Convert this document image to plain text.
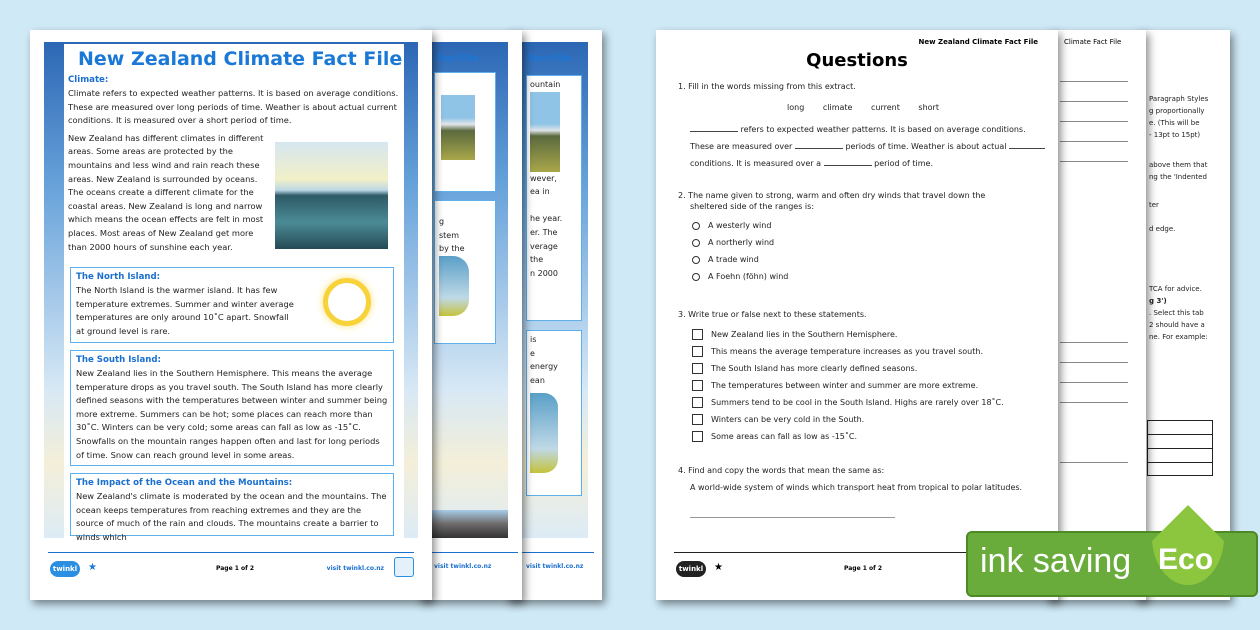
Fact File
ountain
wever,
ea in

he year.
er. The
verage
the
n 2000
is
e
energy
ean
visit twinkl.co.nz
Fact File
g
stem
by the
visit twinkl.co.nz
New Zealand Climate Fact File
Climate:
Climate refers to expected weather patterns. It is based on average conditions. These are measured over long periods of time. Weather is about actual current conditions. It is measured over a short period of time.
New Zealand has different climates in different areas. Some areas are protected by the mountains and less wind and rain reach these areas. New Zealand is surrounded by oceans. The oceans create a different climate for the coastal areas. New Zealand is long and narrow which means the ocean effects are felt in most places. Most areas of New Zealand get more than 2000 hours of sunshine each year.
The North Island:
The North Island is the warmer island. It has few temperature extremes. Summer and winter average temperatures are only around 10˚C apart. Snowfall at ground level is rare.
The South Island:
New Zealand lies in the Southern Hemisphere. This means the average temperature drops as you travel south. The South Island has more clearly defined seasons with the temperatures between winter and summer being more extreme. Summers can be hot; some places can reach more than 30˚C. Winters can be very cold; some areas can fall as low as -15˚C. Snowfalls on the mountain ranges happen often and last for long periods of time. Snow can reach ground level in some areas.
The Impact of the Ocean and the Mountains:
New Zealand's climate is moderated by the ocean and the mountains. The ocean keeps temperatures from reaching extremes and they are the source of much of the rain and clouds. The mountains create a barrier to winds which
twinkl ★	Page 1 of 2	visit twinkl.co.nz
Paragraph Styles
g proportionally
e. (This will be
- 13pt to 15pt)
above them that
ng the 'Indented
ter
d edge.
TCA for advice.
g 3')
. Select this tab
2 should have a
ne. For example:
Climate Fact File
New Zealand Climate Fact File
Questions
1. Fill in the words missing from this extract.
long climate current short
refers to expected weather patterns. It is based on average conditions.
These are measured over	periods of time. Weather is about actual
conditions. It is measured over a	period of time.
2. The name given to strong, warm and often dry winds that travel down the sheltered side of the ranges is:
A westerly wind
A northerly wind
A trade wind
A Foehn (föhn) wind
3. Write true or false next to these statements.
New Zealand lies in the Southern Hemisphere.
This means the average temperature increases as you travel south.
The South Island has more clearly defined seasons.
The temperatures between winter and summer are more extreme.
Summers tend to be cool in the South Island. Highs are rarely over 18˚C.
Winters can be very cold in the South.
Some areas can fall as low as -15˚C.
4. Find and copy the words that mean the same as:
A world-wide system of winds which transport heat from tropical to polar latitudes.
twinkl ★	Page 1 of 2	ink saving Eco
